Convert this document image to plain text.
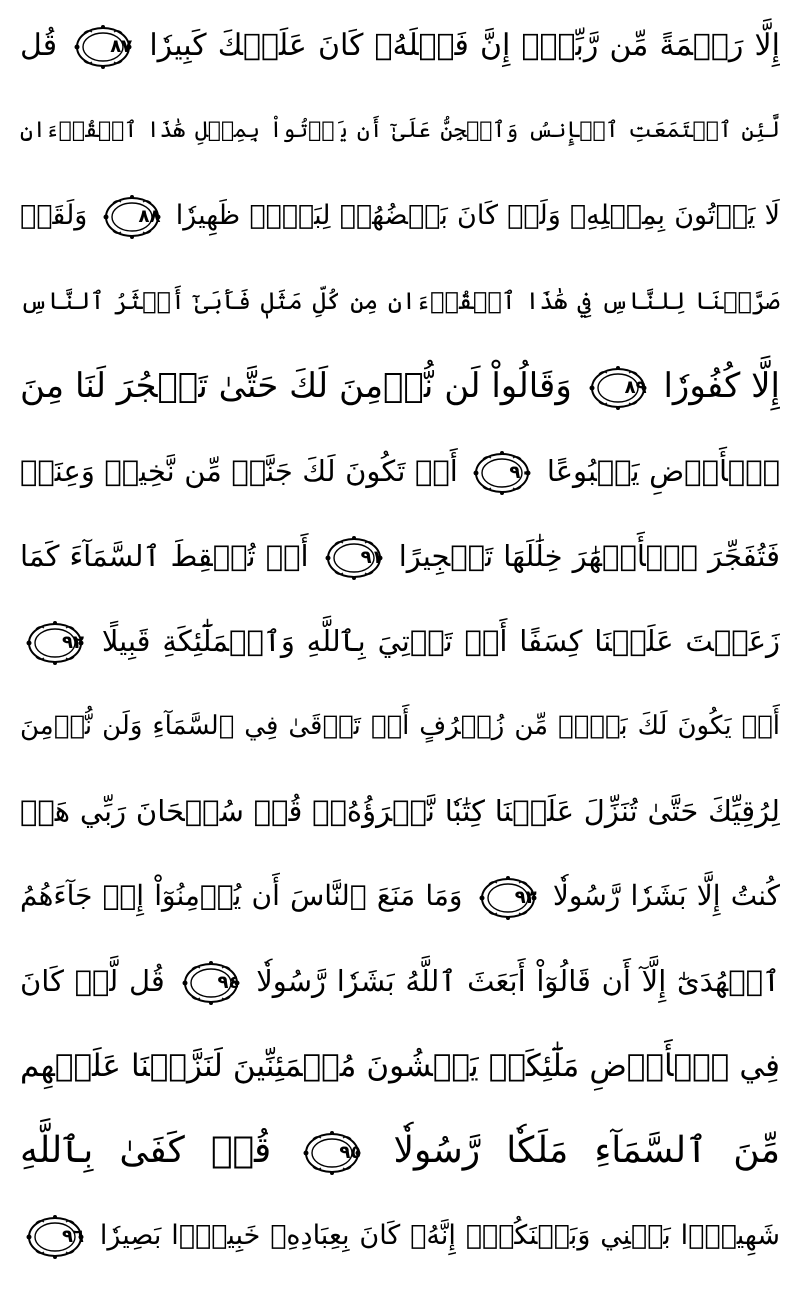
إِلَّا رَحۡمَةً مِّن رَّبِّكَۚ إِنَّ فَضۡلَهُۥ كَانَ عَلَيۡكَ كَبِيرٗا
٨٧
قُل
لَّئِنِ ٱجۡتَمَعَتِ ٱلۡإِنسُ وَٱلۡجِنُّ عَلَىٰٓ أَن يَأۡتُواْ بِمِثۡلِ هَٰذَا ٱلۡقُرۡءَانِ
لَا يَأۡتُونَ بِمِثۡلِهِۦ وَلَوۡ كَانَ بَعۡضُهُمۡ لِبَعۡضٖ ظَهِيرٗا
٨٨
وَلَقَدۡ
صَرَّفۡنَا لِلنَّاسِ فِي هَٰذَا ٱلۡقُرۡءَانِ مِن كُلِّ مَثَلٖ فَأَبَىٰٓ أَكۡثَرُ ٱلنَّاسِ
إِلَّا كُفُورٗا
٨٩
وَقَالُواْ لَن نُّؤۡمِنَ لَكَ حَتَّىٰ تَفۡجُرَ لَنَا مِنَ
ٱلۡأَرۡضِ يَنۢبُوعًا
٩٠
أَوۡ تَكُونَ لَكَ جَنَّةٞ مِّن نَّخِيلٖ وَعِنَبٖ
فَتُفَجِّرَ ٱلۡأَنۡهَٰرَ خِلَٰلَهَا تَفۡجِيرًا
٩١
أَوۡ تُسۡقِطَ ٱلسَّمَآءَ كَمَا
زَعَمۡتَ عَلَيۡنَا كِسَفًا أَوۡ تَأۡتِيَ بِٱللَّهِ وَٱلۡمَلَٰٓئِكَةِ قَبِيلًا
٩٢
أَوۡ يَكُونَ لَكَ بَيۡتٞ مِّن زُخۡرُفٍ أَوۡ تَرۡقَىٰ فِي ٱلسَّمَآءِ وَلَن نُّؤۡمِنَ
لِرُقِيِّكَ حَتَّىٰ تُنَزِّلَ عَلَيۡنَا كِتَٰبٗا نَّقۡرَؤُهُۥۗ قُلۡ سُبۡحَانَ رَبِّي هَلۡ
كُنتُ إِلَّا بَشَرٗا رَّسُولٗا
٩٣
وَمَا مَنَعَ ٱلنَّاسَ أَن يُؤۡمِنُوٓاْ إِذۡ جَآءَهُمُ
ٱلۡهُدَىٰٓ إِلَّآ أَن قَالُوٓاْ أَبَعَثَ ٱللَّهُ بَشَرٗا رَّسُولٗا
٩٤
قُل لَّوۡ كَانَ
فِي ٱلۡأَرۡضِ مَلَٰٓئِكَةٞ يَمۡشُونَ مُطۡمَئِنِّينَ لَنَزَّلۡنَا عَلَيۡهِم
مِّنَ ٱلسَّمَآءِ مَلَكٗا رَّسُولٗا
٩٥
قُلۡ كَفَىٰ بِٱللَّهِ
شَهِيدَۢا بَيۡنِي وَبَيۡنَكُمۡۚ إِنَّهُۥ كَانَ بِعِبَادِهِۦ خَبِيرَۢا بَصِيرٗا
٩٦
